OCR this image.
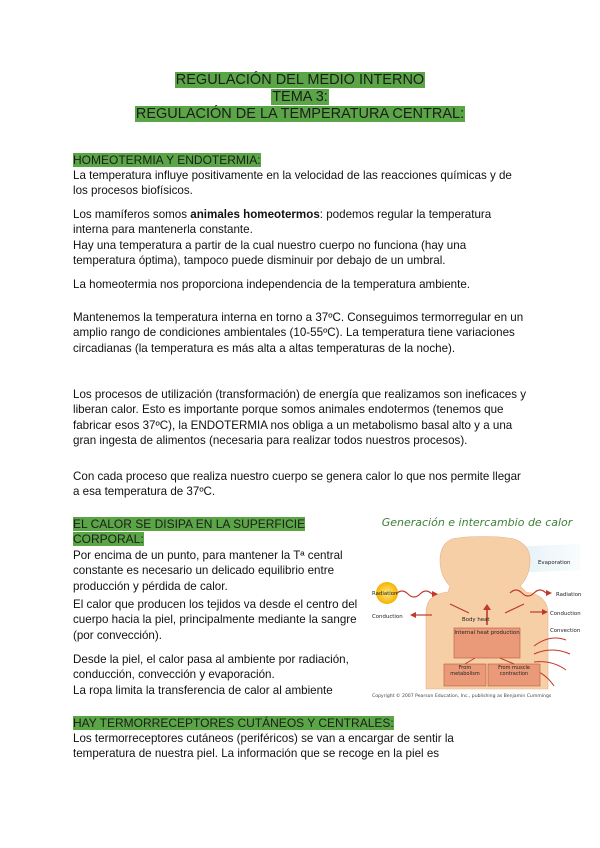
REGULACIÓN DEL MEDIO INTERNO
TEMA 3:
REGULACIÓN DE LA TEMPERATURA CENTRAL:
HOMEOTERMIA Y ENDOTERMIA:
La temperatura influye positivamente en la velocidad de las reacciones químicas y de los procesos biofísicos.
Los mamíferos somos animales homeotermos: podemos regular la temperatura interna para mantenerla constante.
Hay una temperatura a partir de la cual nuestro cuerpo no funciona (hay una temperatura óptima), tampoco puede disminuir por debajo de un umbral.
La homeotermia nos proporciona independencia de la temperatura ambiente.
Mantenemos la temperatura interna en torno a 37ºC. Conseguimos termorregular en un amplio rango de condiciones ambientales (10-55ºC). La temperatura tiene variaciones circadianas (la temperatura es más alta a altas temperaturas de la noche).
Los procesos de utilización (transformación) de energía que realizamos son ineficaces y liberan calor. Esto es importante porque somos animales endotermos (tenemos que fabricar esos 37ºC), la ENDOTERMIA nos obliga a un metabolismo basal alto y a una gran ingesta de alimentos (necesaria para realizar todos nuestros procesos).
Con cada proceso que realiza nuestro cuerpo se genera calor lo que nos permite llegar a esa temperatura de 37ºC.
EL CALOR SE DISIPA EN LA SUPERFICIE
CORPORAL:
Por encima de un punto, para mantener la Tª central constante es necesario un delicado equilibrio entre producción y pérdida de calor.
El calor que producen los tejidos va desde el centro del cuerpo hacia la piel, principalmente mediante la sangre (por convección).
Desde la piel, el calor pasa al ambiente por radiación, conducción, convección y evaporación.
La ropa limita la transferencia de calor al ambiente
Generación e intercambio de calor
Evaporation
Radiation
Conduction	Body heat
Radiation
Conduction
Convection
Internal heat production
From metabolism
From muscle contraction
Copyright © 2007 Pearson Education, Inc., publishing as Benjamin Cummings
HAY TERMORRECEPTORES CUTÁNEOS Y CENTRALES:
Los termorreceptores cutáneos (periféricos) se van a encargar de sentir la temperatura de nuestra piel. La información que se recoge en la piel es
